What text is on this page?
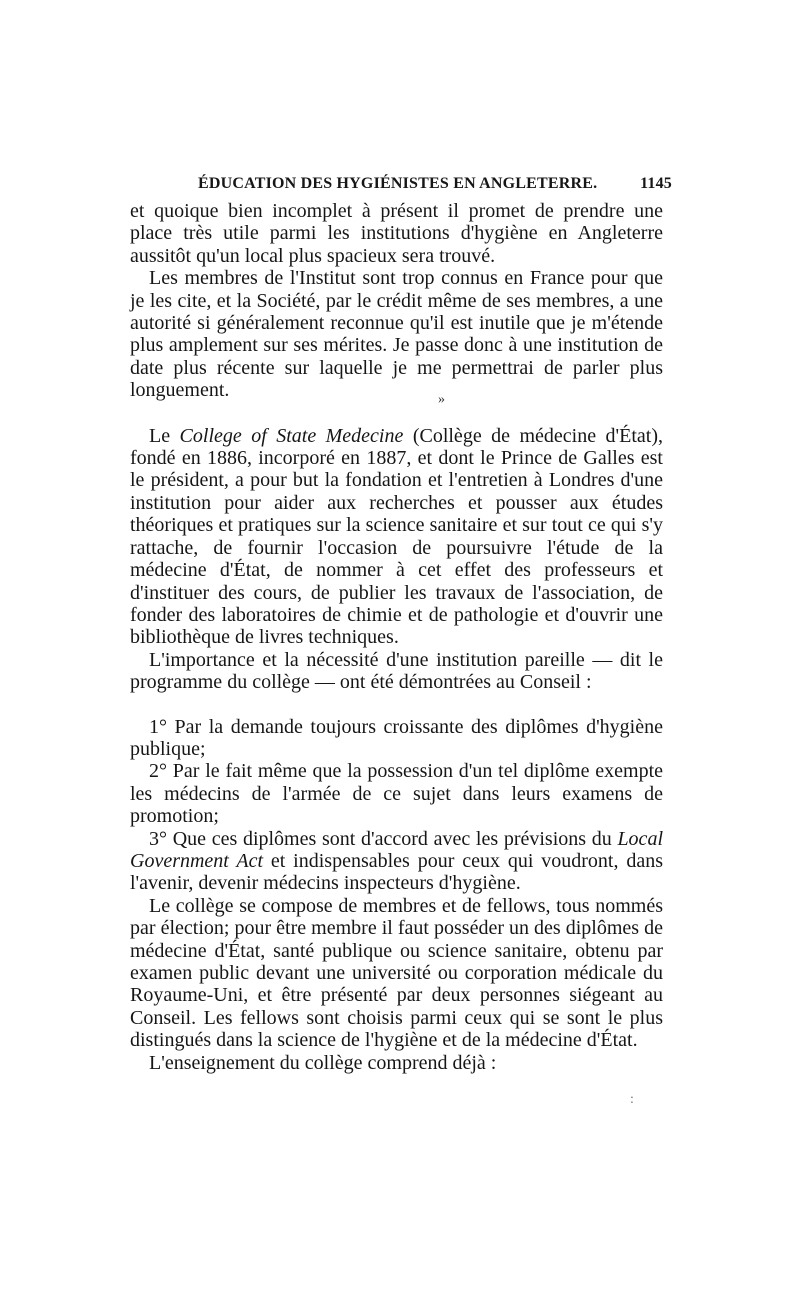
ÉDUCATION DES HYGIÉNISTES EN ANGLETERRE.	1145

et quoique bien incomplet à présent il promet de prendre une place très utile parmi les institutions d'hygiène en Angleterre aussitôt qu'un local plus spacieux sera trouvé.

Les membres de l'Institut sont trop connus en France pour que je les cite, et la Société, par le crédit même de ses membres, a une autorité si généralement reconnue qu'il est inutile que je m'étende plus amplement sur ses mérites. Je passe donc à une institution de date plus récente sur laquelle je me permettrai de parler plus longuement.

Le College of State Medecine (Collège de médecine d'État), fondé en 1886, incorporé en 1887, et dont le Prince de Galles est le président, a pour but la fondation et l'entretien à Londres d'une institution pour aider aux recherches et pousser aux études théoriques et pratiques sur la science sanitaire et sur tout ce qui s'y rattache, de fournir l'occasion de poursuivre l'étude de la médecine d'État, de nommer à cet effet des professeurs et d'instituer des cours, de publier les travaux de l'association, de fonder des laboratoires de chimie et de pathologie et d'ouvrir une bibliothèque de livres techniques.

L'importance et la nécessité d'une institution pareille — dit le programme du collège — ont été démontrées au Conseil :

1° Par la demande toujours croissante des diplômes d'hygiène publique;

2° Par le fait même que la possession d'un tel diplôme exempte les médecins de l'armée de ce sujet dans leurs examens de promotion;

3° Que ces diplômes sont d'accord avec les prévisions du Local Government Act et indispensables pour ceux qui voudront, dans l'avenir, devenir médecins inspecteurs d'hygiène.

Le collège se compose de membres et de fellows, tous nommés par élection; pour être membre il faut posséder un des diplômes de médecine d'État, santé publique ou science sanitaire, obtenu par examen public devant une université ou corporation médicale du Royaume-Uni, et être présenté par deux personnes siégeant au Conseil. Les fellows sont choisis parmi ceux qui se sont le plus distingués dans la science de l'hygiène et de la médecine d'État.

L'enseignement du collège comprend déjà :

»
:
